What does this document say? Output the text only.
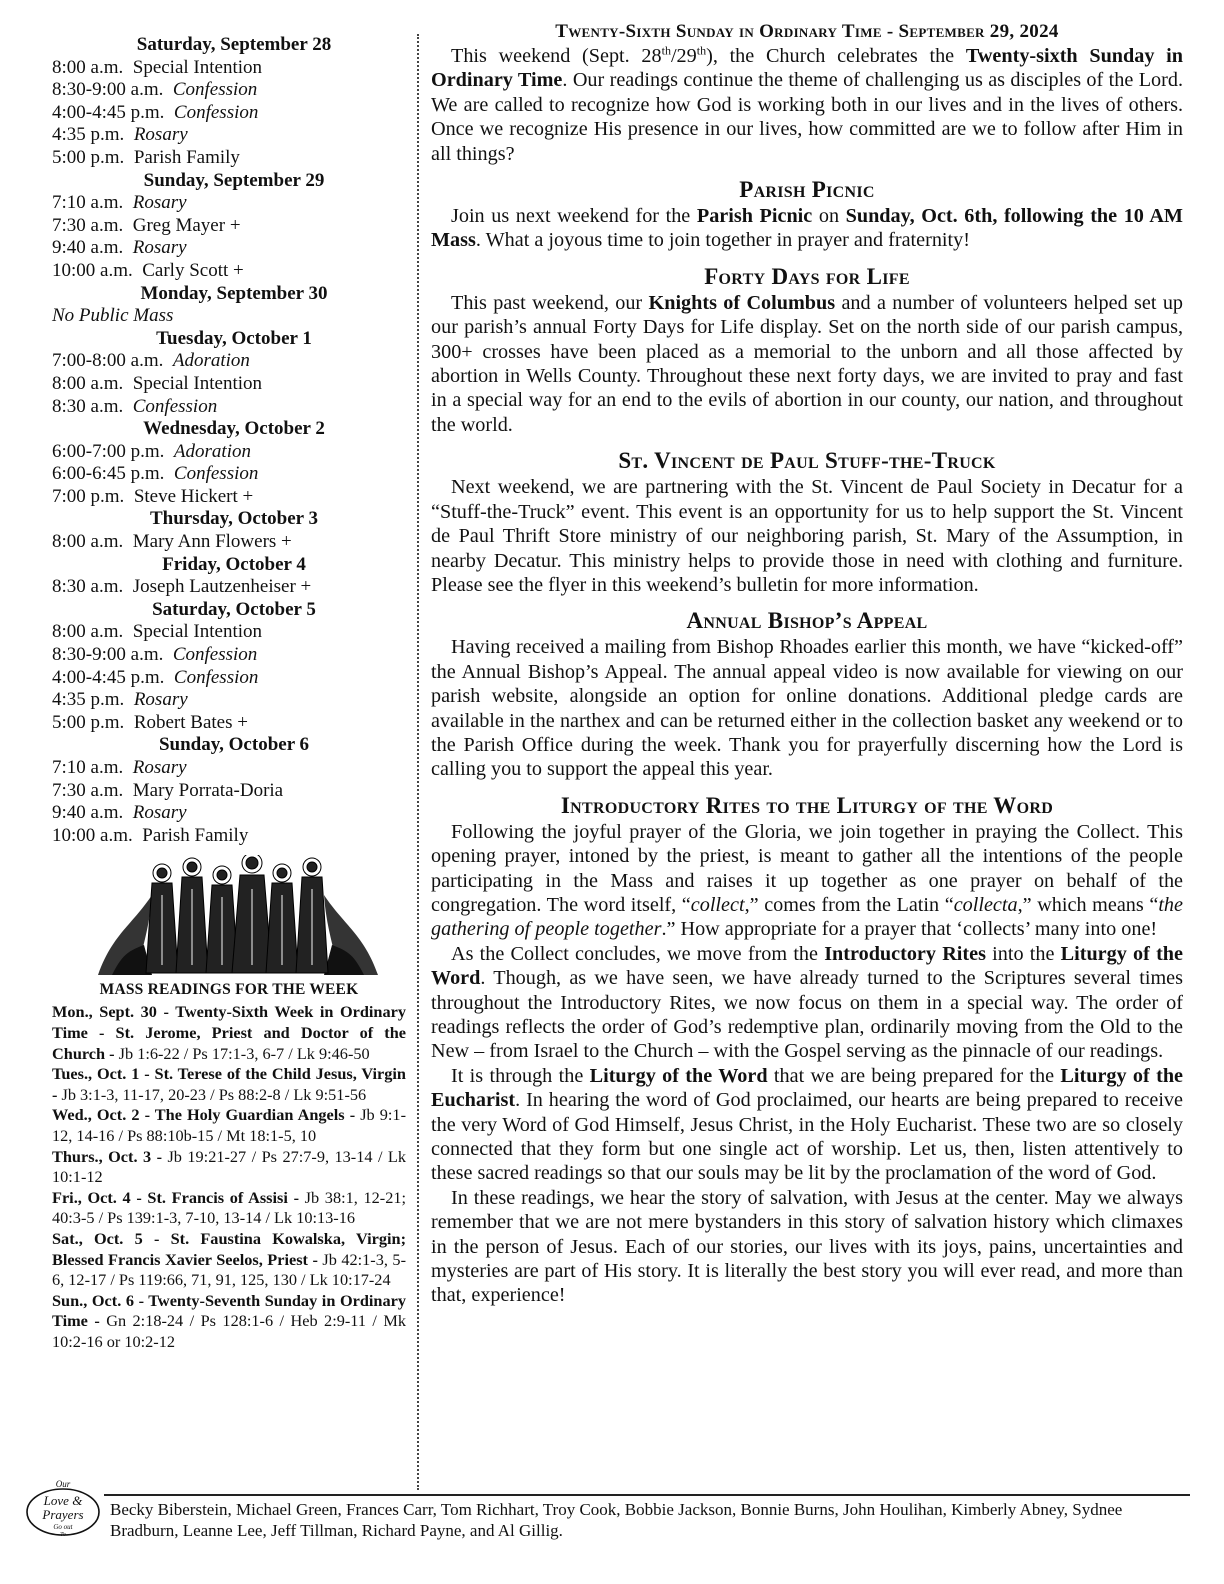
Saturday, September 28
8:00 a.m. Special Intention
8:30-9:00 a.m. Confession
4:00-4:45 p.m. Confession
4:35 p.m. Rosary
5:00 p.m. Parish Family
Sunday, September 29
7:10 a.m. Rosary
7:30 a.m. Greg Mayer +
9:40 a.m. Rosary
10:00 a.m. Carly Scott +
Monday, September 30
No Public Mass
Tuesday, October 1
7:00-8:00 a.m. Adoration
8:00 a.m. Special Intention
8:30 a.m. Confession
Wednesday, October 2
6:00-7:00 p.m. Adoration
6:00-6:45 p.m. Confession
7:00 p.m. Steve Hickert +
Thursday, October 3
8:00 a.m. Mary Ann Flowers +
Friday, October 4
8:30 a.m. Joseph Lautzenheiser +
Saturday, October 5
8:00 a.m. Special Intention
8:30-9:00 a.m. Confession
4:00-4:45 p.m. Confession
4:35 p.m. Rosary
5:00 p.m. Robert Bates +
Sunday, October 6
7:10 a.m. Rosary
7:30 a.m. Mary Porrata-Doria
9:40 a.m. Rosary
10:00 a.m. Parish Family
MASS READINGS FOR THE WEEK

Mon., Sept. 30 - Twenty-Sixth Week in Ordinary Time - St. Jerome, Priest and Doctor of the Church - Jb 1:6-22 / Ps 17:1-3, 6-7 / Lk 9:46-50

Tues., Oct. 1 - St. Terese of the Child Jesus, Virgin - Jb 3:1-3, 11-17, 20-23 / Ps 88:2-8 / Lk 9:51-56

Wed., Oct. 2 - The Holy Guardian Angels - Jb 9:1-12, 14-16 / Ps 88:10b-15 / Mt 18:1-5, 10

Thurs., Oct. 3 - Jb 19:21-27 / Ps 27:7-9, 13-14 / Lk 10:1-12

Fri., Oct. 4 - St. Francis of Assisi - Jb 38:1, 12-21; 40:3-5 / Ps 139:1-3, 7-10, 13-14 / Lk 10:13-16

Sat., Oct. 5 - St. Faustina Kowalska, Virgin; Blessed Francis Xavier Seelos, Priest - Jb 42:1-3, 5-6, 12-17 / Ps 119:66, 71, 91, 125, 130 / Lk 10:17-24

Sun., Oct. 6 - Twenty-Seventh Sunday in Ordinary Time - Gn 2:18-24 / Ps 128:1-6 / Heb 2:9-11 / Mk 10:2-16 or 10:2-12

Twenty-Sixth Sunday in Ordinary Time - September 29, 2024

This weekend (Sept. 28th/29th), the Church celebrates the Twenty-sixth Sunday in Ordinary Time. Our readings continue the theme of challenging us as disciples of the Lord. We are called to recognize how God is working both in our lives and in the lives of others. Once we recognize His presence in our lives, how committed are we to follow after Him in all things?

Parish Picnic

Join us next weekend for the Parish Picnic on Sunday, Oct. 6th, following the 10 AM Mass. What a joyous time to join together in prayer and fraternity!

Forty Days for Life

This past weekend, our Knights of Columbus and a number of volunteers helped set up our parish’s annual Forty Days for Life display. Set on the north side of our parish campus, 300+ crosses have been placed as a memorial to the unborn and all those affected by abortion in Wells County. Throughout these next forty days, we are invited to pray and fast in a special way for an end to the evils of abortion in our county, our nation, and throughout the world.

St. Vincent de Paul Stuff-the-Truck

Next weekend, we are partnering with the St. Vincent de Paul Society in Decatur for a “Stuff-the-Truck” event. This event is an opportunity for us to help support the St. Vincent de Paul Thrift Store ministry of our neighboring parish, St. Mary of the Assumption, in nearby Decatur. This ministry helps to provide those in need with clothing and furniture. Please see the flyer in this weekend’s bulletin for more information.

Annual Bishop’s Appeal

Having received a mailing from Bishop Rhoades earlier this month, we have “kicked-off” the Annual Bishop’s Appeal. The annual appeal video is now available for viewing on our parish website, alongside an option for online donations. Additional pledge cards are available in the narthex and can be returned either in the collection basket any weekend or to the Parish Office during the week. Thank you for prayerfully discerning how the Lord is calling you to support the appeal this year.

Introductory Rites to the Liturgy of the Word

Following the joyful prayer of the Gloria, we join together in praying the Collect. This opening prayer, intoned by the priest, is meant to gather all the intentions of the people participating in the Mass and raises it up together as one prayer on behalf of the congregation. The word itself, “collect,” comes from the Latin “collecta,” which means “the gathering of people together.” How appropriate for a prayer that ‘collects’ many into one!

As the Collect concludes, we move from the Introductory Rites into the Liturgy of the Word. Though, as we have seen, we have already turned to the Scriptures several times throughout the Introductory Rites, we now focus on them in a special way. The order of readings reflects the order of God’s redemptive plan, ordinarily moving from the Old to the New – from Israel to the Church – with the Gospel serving as the pinnacle of our readings.

It is through the Liturgy of the Word that we are being prepared for the Liturgy of the Eucharist. In hearing the word of God proclaimed, our hearts are being prepared to receive the very Word of God Himself, Jesus Christ, in the Holy Eucharist. These two are so closely connected that they form but one single act of worship. Let us, then, listen attentively to these sacred readings so that our souls may be lit by the proclamation of the word of God.

In these readings, we hear the story of salvation, with Jesus at the center. May we always remember that we are not mere bystanders in this story of salvation history which climaxes in the person of Jesus. Each of our stories, our lives with its joys, pains, uncertainties and mysteries are part of His story. It is literally the best story you will ever read, and more than that, experience!

Our
Love &
Prayers
Go out
To
Becky Biberstein, Michael Green, Frances Carr, Tom Richhart, Troy Cook, Bobbie Jackson, Bonnie Burns, John Houlihan, Kimberly Abney, Sydnee Bradburn, Leanne Lee, Jeff Tillman, Richard Payne, and Al Gillig.
